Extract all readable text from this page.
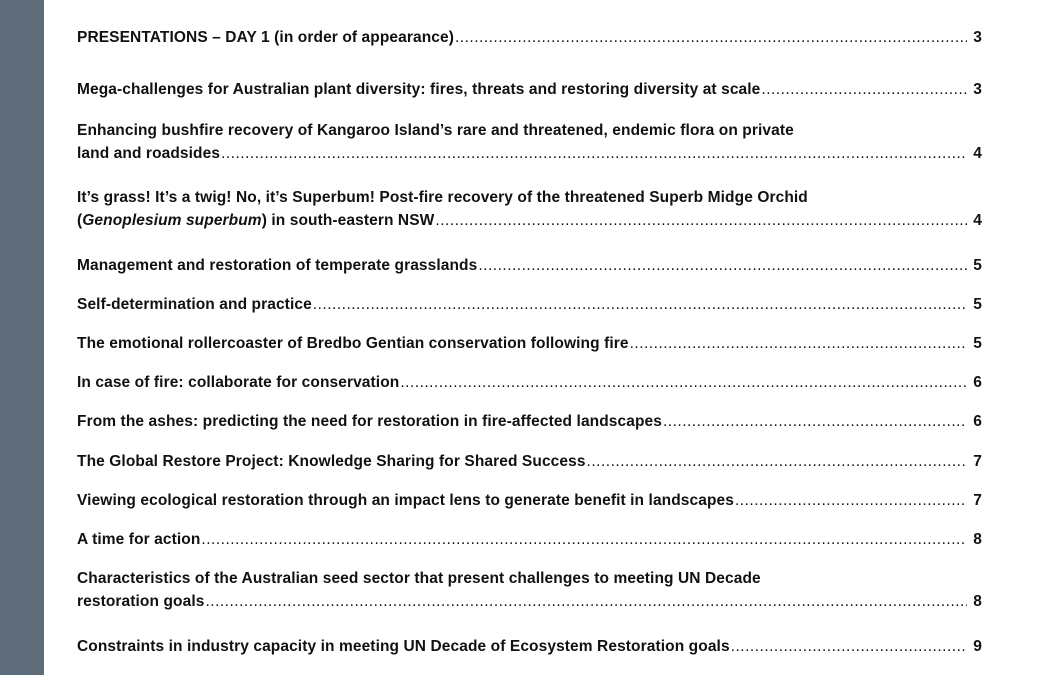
PRESENTATIONS – DAY 1 (in order of appearance) .....	3
Mega-challenges for Australian plant diversity: fires, threats and restoring diversity at scale .....	3
Enhancing bushfire recovery of Kangaroo Island’s rare and threatened, endemic flora on private
land and roadsides .....	4
It’s grass! It’s a twig! No, it’s Superbum! Post-fire recovery of the threatened Superb Midge Orchid
(Genoplesium superbum) in south-eastern NSW .....	4
Management and restoration of temperate grasslands .....	5
Self-determination and practice .....	5
The emotional rollercoaster of Bredbo Gentian conservation following fire .....	5
In case of fire: collaborate for conservation .....	6
From the ashes: predicting the need for restoration in fire-affected landscapes .....	6
The Global Restore Project: Knowledge Sharing for Shared Success .....	7
Viewing ecological restoration through an impact lens to generate benefit in landscapes .....	7
A time for action .....	8
Characteristics of the Australian seed sector that present challenges to meeting UN Decade
restoration goals .....	8
Constraints in industry capacity in meeting UN Decade of Ecosystem Restoration goals .....	9
